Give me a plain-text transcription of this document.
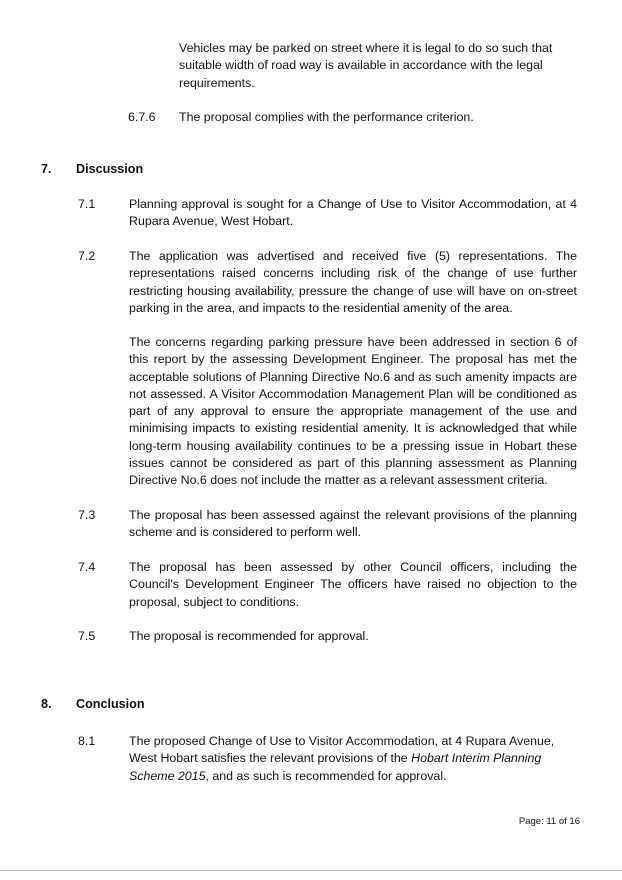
Vehicles may be parked on street where it is legal to do so such that suitable width of road way is available in accordance with the legal requirements.
6.7.6 The proposal complies with the performance criterion.
7. Discussion
7.1	Planning approval is sought for a Change of Use to Visitor Accommodation, at 4 Rupara Avenue, West Hobart.
7.2	The application was advertised and received five (5) representations. The representations raised concerns including risk of the change of use further restricting housing availability, pressure the change of use will have on on-street parking in the area, and impacts to the residential amenity of the area.
The concerns regarding parking pressure have been addressed in section 6 of this report by the assessing Development Engineer. The proposal has met the acceptable solutions of Planning Directive No.6 and as such amenity impacts are not assessed. A Visitor Accommodation Management Plan will be conditioned as part of any approval to ensure the appropriate management of the use and minimising impacts to existing residential amenity. It is acknowledged that while long-term housing availability continues to be a pressing issue in Hobart these issues cannot be considered as part of this planning assessment as Planning Directive No.6 does not include the matter as a relevant assessment criteria.
7.3	The proposal has been assessed against the relevant provisions of the planning scheme and is considered to perform well.
7.4	The proposal has been assessed by other Council officers, including the Council's Development Engineer The officers have raised no objection to the proposal, subject to conditions.
7.5	The proposal is recommended for approval.
8. Conclusion
8.1	The proposed Change of Use to Visitor Accommodation, at 4 Rupara Avenue, West Hobart satisfies the relevant provisions of the Hobart Interim Planning Scheme 2015, and as such is recommended for approval.
Page: 11 of 16
